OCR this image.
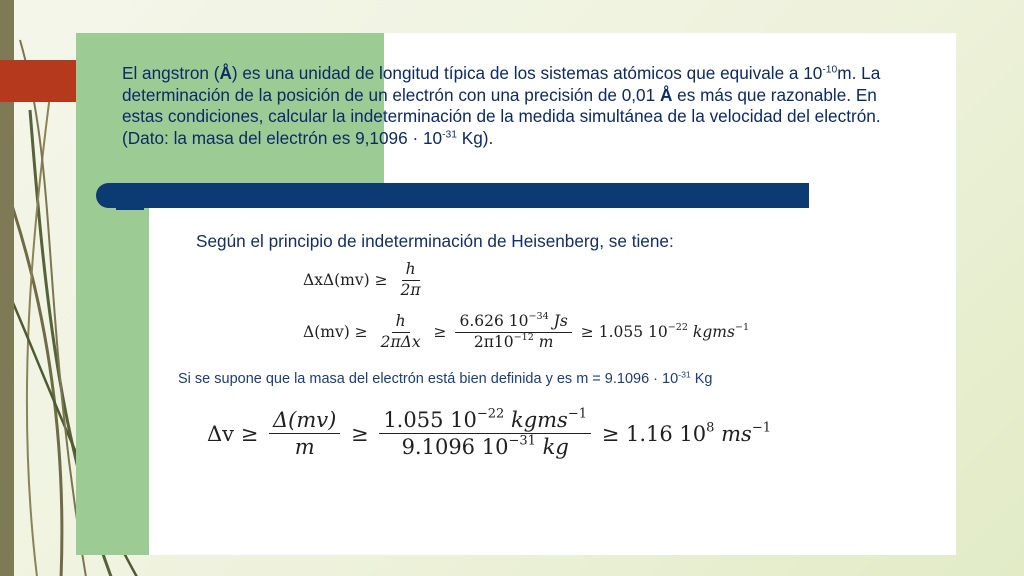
El angstron (Å) es una unidad de longitud típica de los sistemas atómicos que equivale a $10^{-10}m$. La determinación de la posición de un electrón con una precisión de 0,01 Å es más que razonable. En estas condiciones, calcular la indeterminación de la medida simultánea de la velocidad del electrón. (Dato: la masa del electrón es $9,1096 \cdot 10^{-31}$ Kg).

Según el principio de indeterminación de Heisenberg, se tiene:

$\Delta x\Delta(mv) \ge \frac{h}{2\pi}$
$\Delta(mv) \ge \frac{h}{\text{2πΔx}} \ge \frac{6.626 10^{-34} Js}{2\pi 10^{-12} m} \ge 1.055$ $10^{-22}$ kgms$^{-1}$

Si se supone que la masa del electrón está bien definida y es $m = 9.1096 \cdot 10^{-31}$ Kg

$\Delta v \ge \frac{\Delta(mv)}{m} \ge \frac{1.055 10^{-22} kgms^{-1}}{9.1096 10^{-31} kg} \ge 1.16$ $10^8$ $ms^{-1}$
